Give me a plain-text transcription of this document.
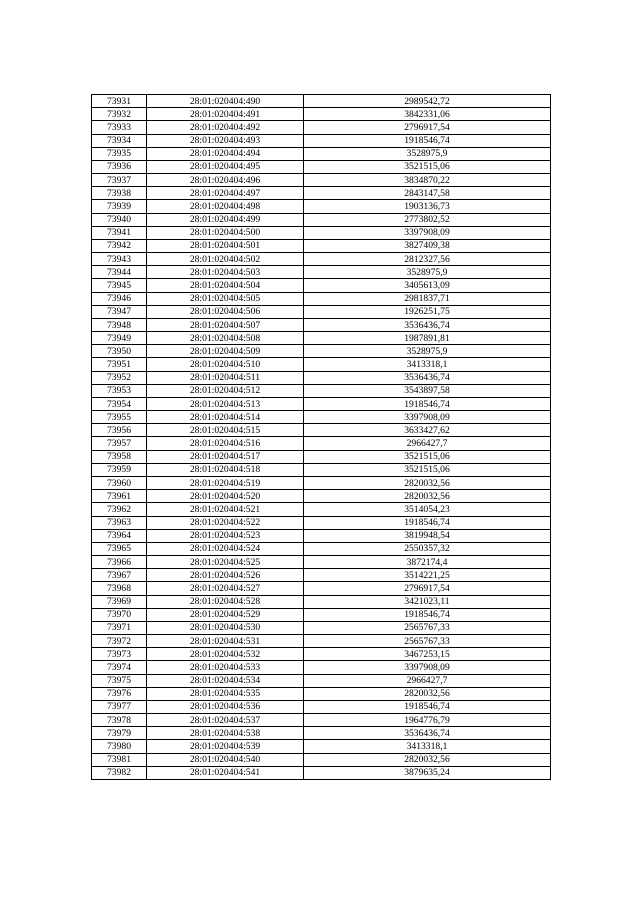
73931	28:01:020404:490	2989542,72
73932	28:01:020404:491	3842331,06
73933	28:01:020404:492	2796917,54
73934	28:01:020404:493	1918546,74
73935	28:01:020404:494	3528975,9
73936	28:01:020404:495	3521515,06
73937	28:01:020404:496	3834870,22
73938	28:01:020404:497	2843147,58
73939	28:01:020404:498	1903136,73
73940	28:01:020404:499	2773802,52
73941	28:01:020404:500	3397908,09
73942	28:01:020404:501	3827409,38
73943	28:01:020404:502	2812327,56
73944	28:01:020404:503	3528975,9
73945	28:01:020404:504	3405613,09
73946	28:01:020404:505	2981837,71
73947	28:01:020404:506	1926251,75
73948	28:01:020404:507	3536436,74
73949	28:01:020404:508	1987891,81
73950	28:01:020404:509	3528975,9
73951	28:01:020404:510	3413318,1
73952	28:01:020404:511	3536436,74
73953	28:01:020404:512	3543897,58
73954	28:01:020404:513	1918546,74
73955	28:01:020404:514	3397908,09
73956	28:01:020404:515	3633427,62
73957	28:01:020404:516	2966427,7
73958	28:01:020404:517	3521515,06
73959	28:01:020404:518	3521515,06
73960	28:01:020404:519	2820032,56
73961	28:01:020404:520	2820032,56
73962	28:01:020404:521	3514054,23
73963	28:01:020404:522	1918546,74
73964	28:01:020404:523	3819948,54
73965	28:01:020404:524	2550357,32
73966	28:01:020404:525	3872174,4
73967	28:01:020404:526	3514221,25
73968	28:01:020404:527	2796917,54
73969	28:01:020404:528	3421023,11
73970	28:01:020404:529	1918546,74
73971	28:01:020404:530	2565767,33
73972	28:01:020404:531	2565767,33
73973	28:01:020404:532	3467253,15
73974	28:01:020404:533	3397908,09
73975	28:01:020404:534	2966427,7
73976	28:01:020404:535	2820032,56
73977	28:01:020404:536	1918546,74
73978	28:01:020404:537	1964776,79
73979	28:01:020404:538	3536436,74
73980	28:01:020404:539	3413318,1
73981	28:01:020404:540	2820032,56
73982	28:01:020404:541	3879635,24
